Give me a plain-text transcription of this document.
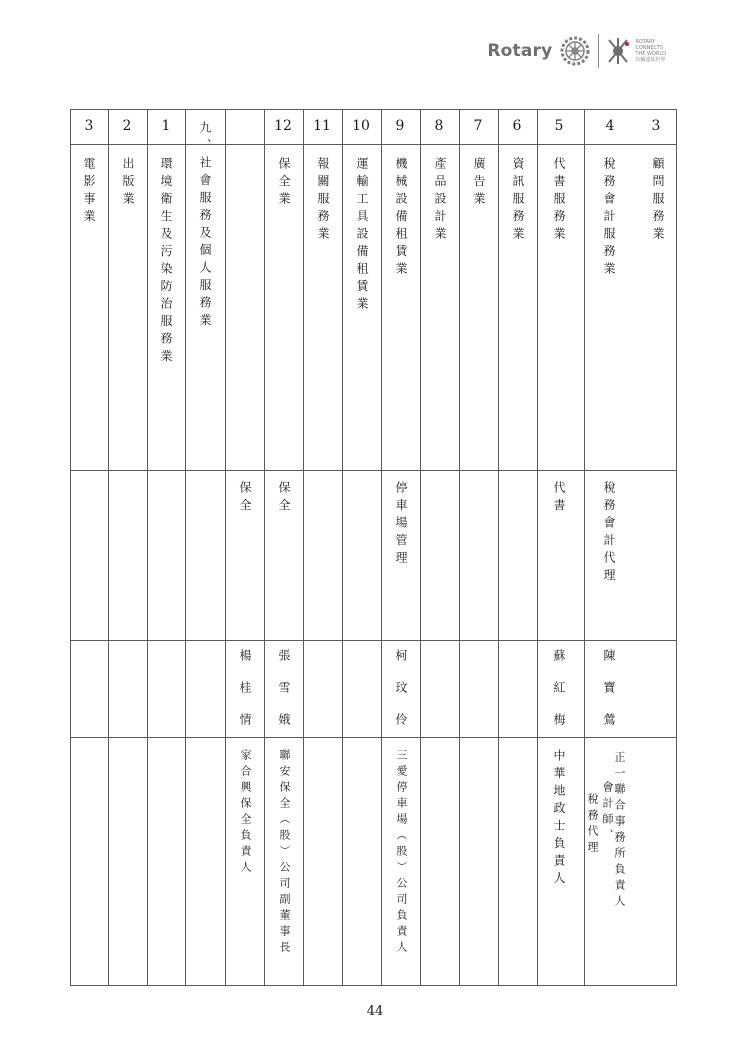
Rotary	ROTARY
CONNECTS
THE WORLD
扶輪連結世界
3
顧問服務業
4
稅務會計服務業
稅務會計代理
陳寶鶯
正一聯合事務所負責人
會計師、
稅務代理
5
代書服務業
代書
蘇紅梅
中華地政士負責人
6
資訊服務業
7
廣告業
8
產品設計業
9
機械設備租賃業
停車場管理
柯玟伶
三愛停車場（股）公司負責人
10
運輸工具設備租賃業
11
報關服務業
12
保全業
保全
張雪娥
聯安保全（股）公司副董事長
保全
楊桂情
家合興保全負責人
九、社會服務及個人服務業
1
環境衛生及污染防治服務業
2
出版業
3
電影事業
44
